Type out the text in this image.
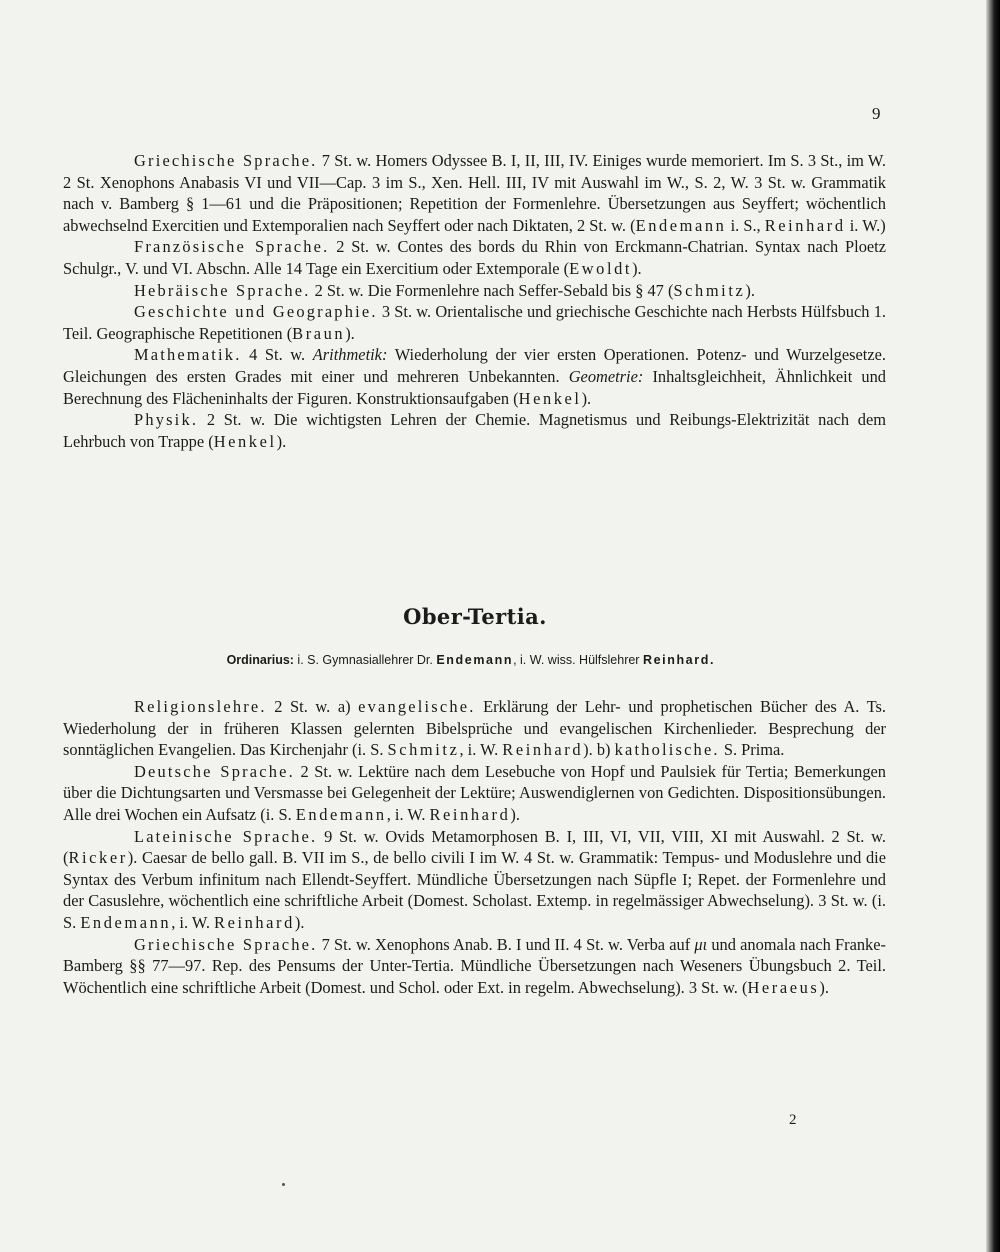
9

Griechische Sprache. 7 St. w. Homers Odyssee B. I, II, III, IV. Einiges wurde memoriert. Im S. 3 St., im W. 2 St. Xenophons Anabasis VI und VII—Cap. 3 im S., Xen. Hell. III, IV mit Auswahl im W., S. 2, W. 3 St. w. Grammatik nach v. Bamberg § 1—61 und die Präpositionen; Repetition der Formenlehre. Übersetzungen aus Seyffert; wöchentlich abwechselnd Exercitien und Extemporalien nach Seyffert oder nach Diktaten, 2 St. w. (Endemann i. S., Reinhard i. W.)

Französische Sprache. 2 St. w. Contes des bords du Rhin von Erckmann-Chatrian. Syntax nach Ploetz Schulgr., V. und VI. Abschn. Alle 14 Tage ein Exercitium oder Extemporale (Ewoldt).

Hebräische Sprache. 2 St. w. Die Formenlehre nach Seffer-Sebald bis § 47 (Schmitz).

Geschichte und Geographie. 3 St. w. Orientalische und griechische Geschichte nach Herbsts Hülfsbuch 1. Teil. Geographische Repetitionen (Braun).

Mathematik. 4 St. w. Arithmetik: Wiederholung der vier ersten Operationen. Potenz- und Wurzelgesetze. Gleichungen des ersten Grades mit einer und mehreren Unbekannten. Geometrie: Inhaltsgleichheit, Ähnlichkeit und Berechnung des Flächeninhalts der Figuren. Konstruktionsaufgaben (Henkel).

Physik. 2 St. w. Die wichtigsten Lehren der Chemie. Magnetismus und Reibungs-Elektrizität nach dem Lehrbuch von Trappe (Henkel).

Ober-Tertia.

Ordinarius: i. S. Gymnasiallehrer Dr. Endemann, i. W. wiss. Hülfslehrer Reinhard.

Religionslehre. 2 St. w. a) evangelische. Erklärung der Lehr- und prophetischen Bücher des A. Ts. Wiederholung der in früheren Klassen gelernten Bibelsprüche und evangelischen Kirchenlieder. Besprechung der sonntäglichen Evangelien. Das Kirchenjahr (i. S. Schmitz, i. W. Reinhard). b) katholische. S. Prima.

Deutsche Sprache. 2 St. w. Lektüre nach dem Lesebuche von Hopf und Paulsiek für Tertia; Bemerkungen über die Dichtungsarten und Versmasse bei Gelegenheit der Lektüre; Auswendiglernen von Gedichten. Dispositionsübungen. Alle drei Wochen ein Aufsatz (i. S. Endemann, i. W. Reinhard).

Lateinische Sprache. 9 St. w. Ovids Metamorphosen B. I, III, VI, VII, VIII, XI mit Auswahl. 2 St. w. (Ricker). Caesar de bello gall. B. VII im S., de bello civili I im W. 4 St. w. Grammatik: Tempus- und Moduslehre und die Syntax des Verbum infinitum nach Ellendt-Seyffert. Mündliche Übersetzungen nach Süpfle I; Repet. der Formenlehre und der Casuslehre, wöchentlich eine schriftliche Arbeit (Domest. Scholast. Extemp. in regelmässiger Abwechselung). 3 St. w. (i. S. Endemann, i. W. Reinhard).

Griechische Sprache. 7 St. w. Xenophons Anab. B. I und II. 4 St. w. Verba auf μι und anomala nach Franke-Bamberg §§ 77—97. Rep. des Pensums der Unter-Tertia. Mündliche Übersetzungen nach Weseners Übungsbuch 2. Teil. Wöchentlich eine schriftliche Arbeit (Domest. und Schol. oder Ext. in regelm. Abwechselung). 3 St. w. (Heraeus).

2
